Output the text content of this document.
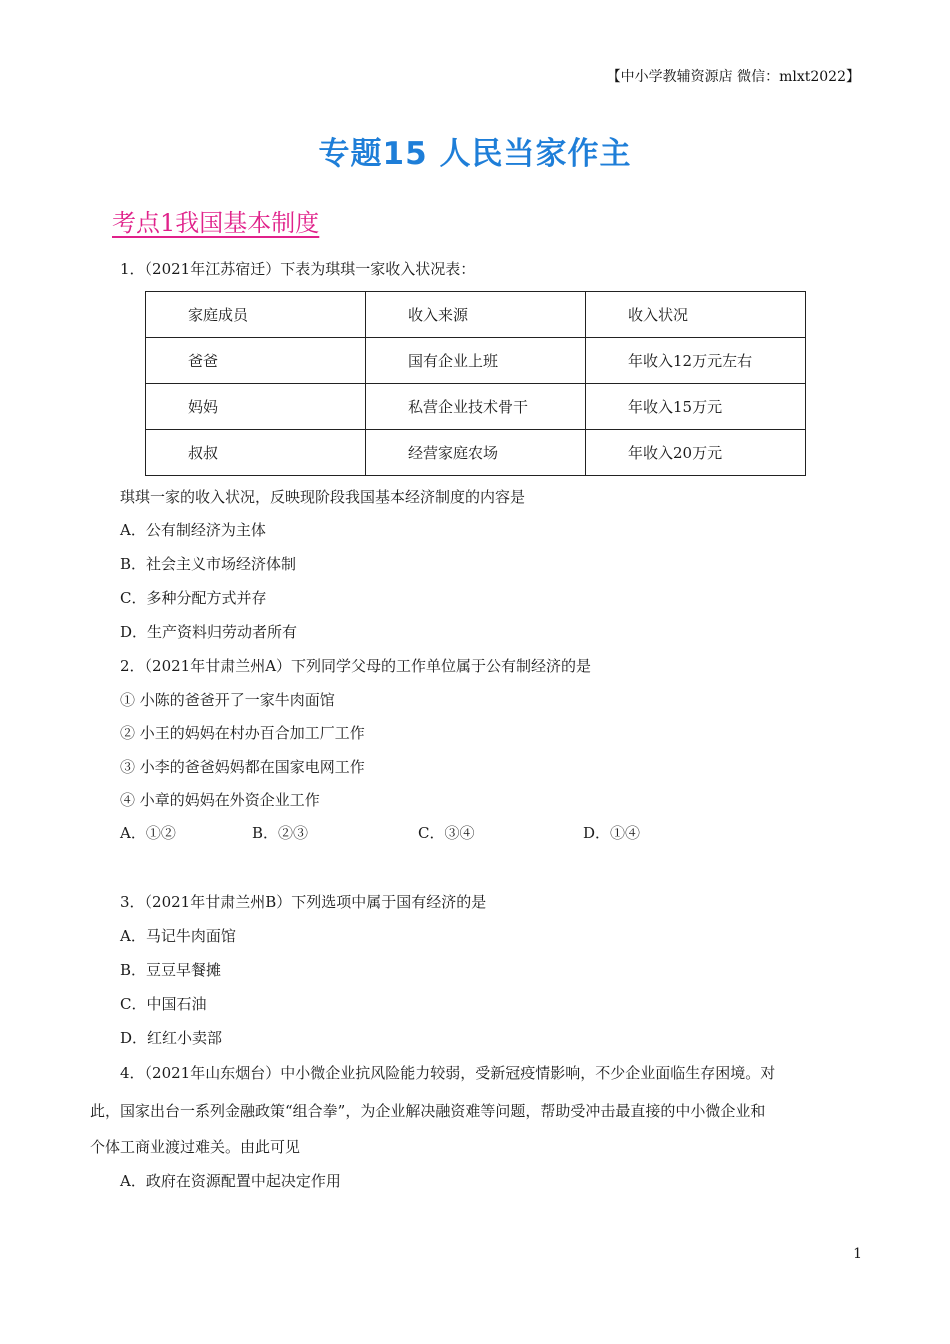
【中小学教辅资源店 微信：mlxt2022】
专题15 人民当家作主
考点1我国基本制度
1．（2021年江苏宿迁）下表为琪琪一家收入状况表：
家庭成员	收入来源	收入状况
爸爸	国有企业上班	年收入12万元左右
妈妈	私营企业技术骨干	年收入15万元
叔叔	经营家庭农场	年收入20万元
琪琪一家的收入状况，反映现阶段我国基本经济制度的内容是
A．公有制经济为主体
B．社会主义市场经济体制
C．多种分配方式并存
D．生产资料归劳动者所有
2．（2021年甘肃兰州A）下列同学父母的工作单位属于公有制经济的是
① 小陈的爸爸开了一家牛肉面馆
② 小王的妈妈在村办百合加工厂工作
③ 小李的爸爸妈妈都在国家电网工作
④ 小章的妈妈在外资企业工作
A．①②	B．②③	C．③④	D．①④
3．（2021年甘肃兰州B）下列选项中属于国有经济的是
A．马记牛肉面馆
B．豆豆早餐摊
C．中国石油
D．红红小卖部
4．（2021年山东烟台）中小微企业抗风险能力较弱，受新冠疫情影响，不少企业面临生存困境。对
此，国家出台一系列金融政策“组合拳”，为企业解决融资难等问题，帮助受冲击最直接的中小微企业和
个体工商业渡过难关。由此可见
A．政府在资源配置中起决定作用
1
